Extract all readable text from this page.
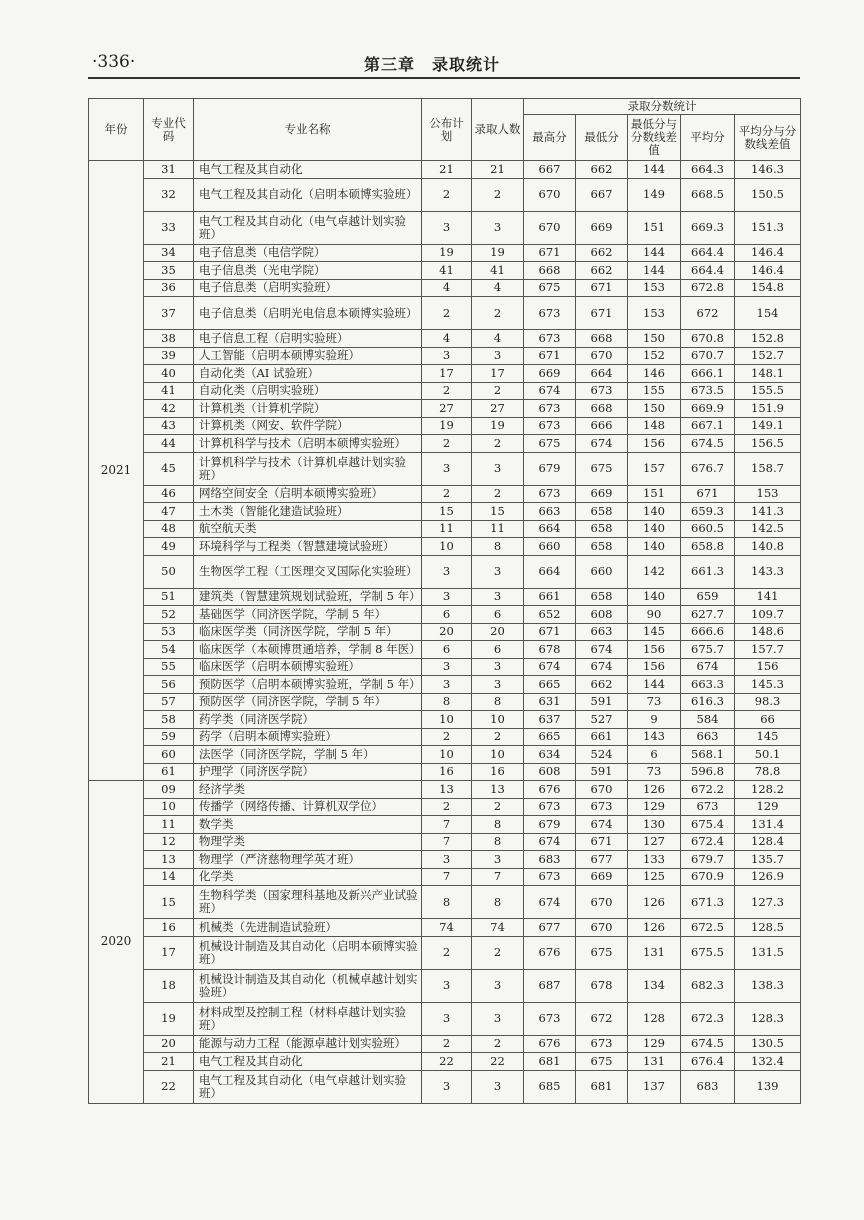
·336·	第三章　录取统计
年份	专业代码	专业名称	公布计划	录取人数	录取分数统计				
					最高分	最低分	最低分与分数线差值	平均分	平均分与分数线差值
2021	31	电气工程及其自动化	21	21	667	662	144	664.3	146.3
	32	电气工程及其自动化（启明本硕博实验班）	2	2	670	667	149	668.5	150.5
	33	电气工程及其自动化（电气卓越计划实验班）	3	3	670	669	151	669.3	151.3
	34	电子信息类（电信学院）	19	19	671	662	144	664.4	146.4
	35	电子信息类（光电学院）	41	41	668	662	144	664.4	146.4
	36	电子信息类（启明实验班）	4	4	675	671	153	672.8	154.8
	37	电子信息类（启明光电信息本硕博实验班）	2	2	673	671	153	672	154
	38	电子信息工程（启明实验班）	4	4	673	668	150	670.8	152.8
	39	人工智能（启明本硕博实验班）	3	3	671	670	152	670.7	152.7
	40	自动化类（AI 试验班）	17	17	669	664	146	666.1	148.1
	41	自动化类（启明实验班）	2	2	674	673	155	673.5	155.5
	42	计算机类（计算机学院）	27	27	673	668	150	669.9	151.9
	43	计算机类（网安、软件学院）	19	19	673	666	148	667.1	149.1
	44	计算机科学与技术（启明本硕博实验班）	2	2	675	674	156	674.5	156.5
	45	计算机科学与技术（计算机卓越计划实验班）	3	3	679	675	157	676.7	158.7
	46	网络空间安全（启明本硕博实验班）	2	2	673	669	151	671	153
	47	土木类（智能化建造试验班）	15	15	663	658	140	659.3	141.3
	48	航空航天类	11	11	664	658	140	660.5	142.5
	49	环境科学与工程类（智慧建境试验班）	10	8	660	658	140	658.8	140.8
	50	生物医学工程（工医理交叉国际化实验班）	3	3	664	660	142	661.3	143.3
	51	建筑类（智慧建筑规划试验班，学制 5 年）	3	3	661	658	140	659	141
	52	基础医学（同济医学院，学制 5 年）	6	6	652	608	90	627.7	109.7
	53	临床医学类（同济医学院，学制 5 年）	20	20	671	663	145	666.6	148.6
	54	临床医学（本硕博贯通培养，学制 8 年医）	6	6	678	674	156	675.7	157.7
	55	临床医学（启明本硕博实验班）	3	3	674	674	156	674	156
	56	预防医学（启明本硕博实验班，学制 5 年）	3	3	665	662	144	663.3	145.3
	57	预防医学（同济医学院，学制 5 年）	8	8	631	591	73	616.3	98.3
	58	药学类（同济医学院）	10	10	637	527	9	584	66
	59	药学（启明本硕博实验班）	2	2	665	661	143	663	145
	60	法医学（同济医学院，学制 5 年）	10	10	634	524	6	568.1	50.1
	61	护理学（同济医学院）	16	16	608	591	73	596.8	78.8
2020	09	经济学类	13	13	676	670	126	672.2	128.2
	10	传播学（网络传播、计算机双学位）	2	2	673	673	129	673	129
	11	数学类	7	8	679	674	130	675.4	131.4
	12	物理学类	7	8	674	671	127	672.4	128.4
	13	物理学（严济慈物理学英才班）	3	3	683	677	133	679.7	135.7
	14	化学类	7	7	673	669	125	670.9	126.9
	15	生物科学类（国家理科基地及新兴产业试验班）	8	8	674	670	126	671.3	127.3
	16	机械类（先进制造试验班）	74	74	677	670	126	672.5	128.5
	17	机械设计制造及其自动化（启明本硕博实验班）	2	2	676	675	131	675.5	131.5
	18	机械设计制造及其自动化（机械卓越计划实验班）	3	3	687	678	134	682.3	138.3
	19	材料成型及控制工程（材料卓越计划实验班）	3	3	673	672	128	672.3	128.3
	20	能源与动力工程（能源卓越计划实验班）	2	2	676	673	129	674.5	130.5
	21	电气工程及其自动化	22	22	681	675	131	676.4	132.4
	22	电气工程及其自动化（电气卓越计划实验班）	3	3	685	681	137	683	139
